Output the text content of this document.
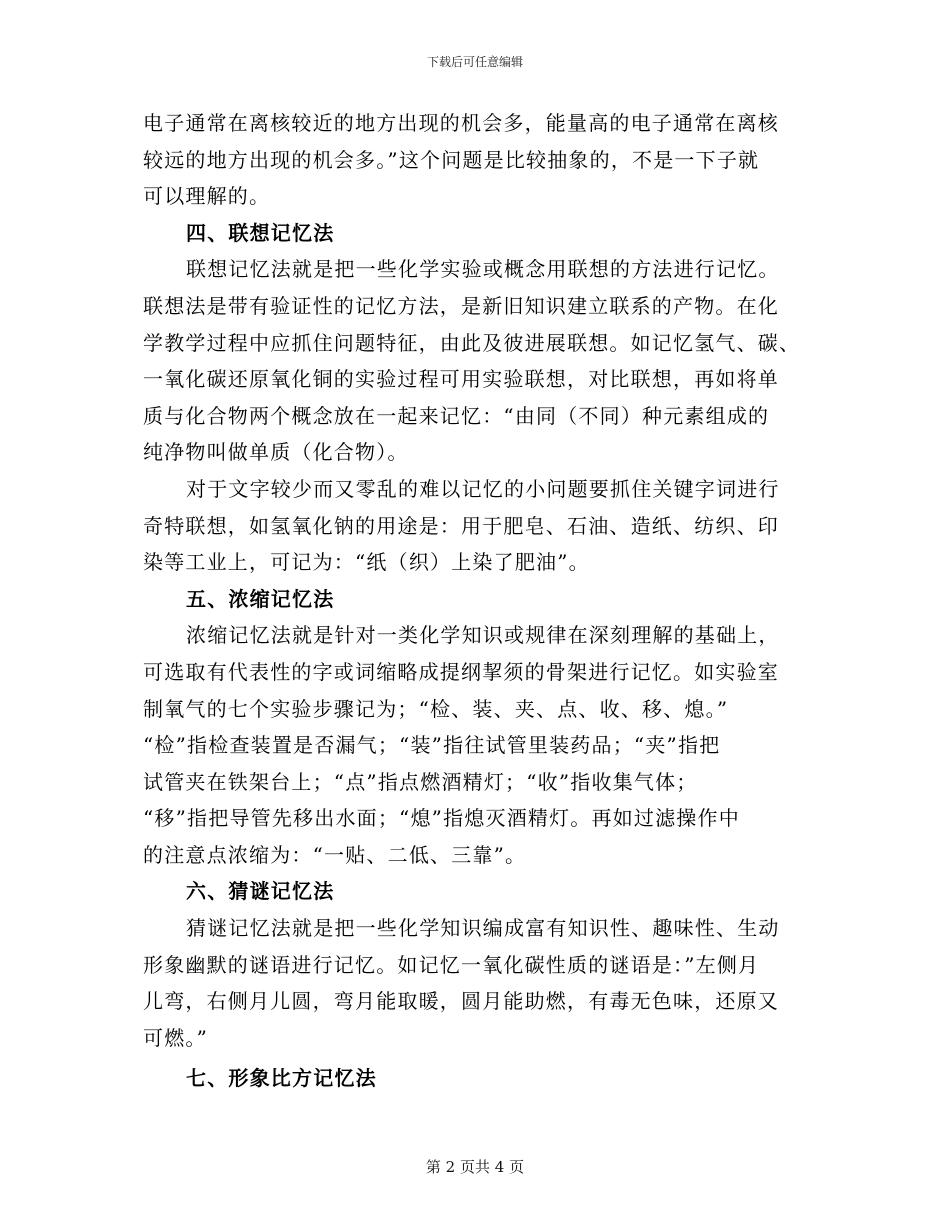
下载后可任意编辑

电子通常在离核较近的地方出现的机会多，能量高的电子通常在离核
较远的地方出现的机会多。”这个问题是比较抽象的，不是一下子就
可以理解的。

四、联想记忆法

联想记忆法就是把一些化学实验或概念用联想的方法进行记忆。
联想法是带有验证性的记忆方法，是新旧知识建立联系的产物。在化
学教学过程中应抓住问题特征，由此及彼进展联想。如记忆氢气、碳、
一氧化碳还原氧化铜的实验过程可用实验联想，对比联想，再如将单
质与化合物两个概念放在一起来记忆：“由同（不同）种元素组成的
纯净物叫做单质（化合物）。

对于文字较少而又零乱的难以记忆的小问题要抓住关键字词进行
奇特联想，如氢氧化钠的用途是：用于肥皂、石油、造纸、纺织、印
染等工业上，可记为：“纸（织）上染了肥油”。

五、浓缩记忆法

浓缩记忆法就是针对一类化学知识或规律在深刻理解的基础上，
可选取有代表性的字或词缩略成提纲挈须的骨架进行记忆。如实验室
制氧气的七个实验步骤记为；“检、装、夹、点、收、移、熄。”
“检”指检查装置是否漏气；“装”指往试管里装药品；“夹”指把
试管夹在铁架台上；“点”指点燃酒精灯；“收”指收集气体；
“移”指把导管先移出水面；“熄”指熄灭酒精灯。再如过滤操作中
的注意点浓缩为：“一贴、二低、三靠”。

六、猜谜记忆法

猜谜记忆法就是把一些化学知识编成富有知识性、趣味性、生动
形象幽默的谜语进行记忆。如记忆一氧化碳性质的谜语是：”左侧月
儿弯，右侧月儿圆，弯月能取暖，圆月能助燃，有毒无色味，还原又
可燃。”

七、形象比方记忆法

第 2 页共 4 页
